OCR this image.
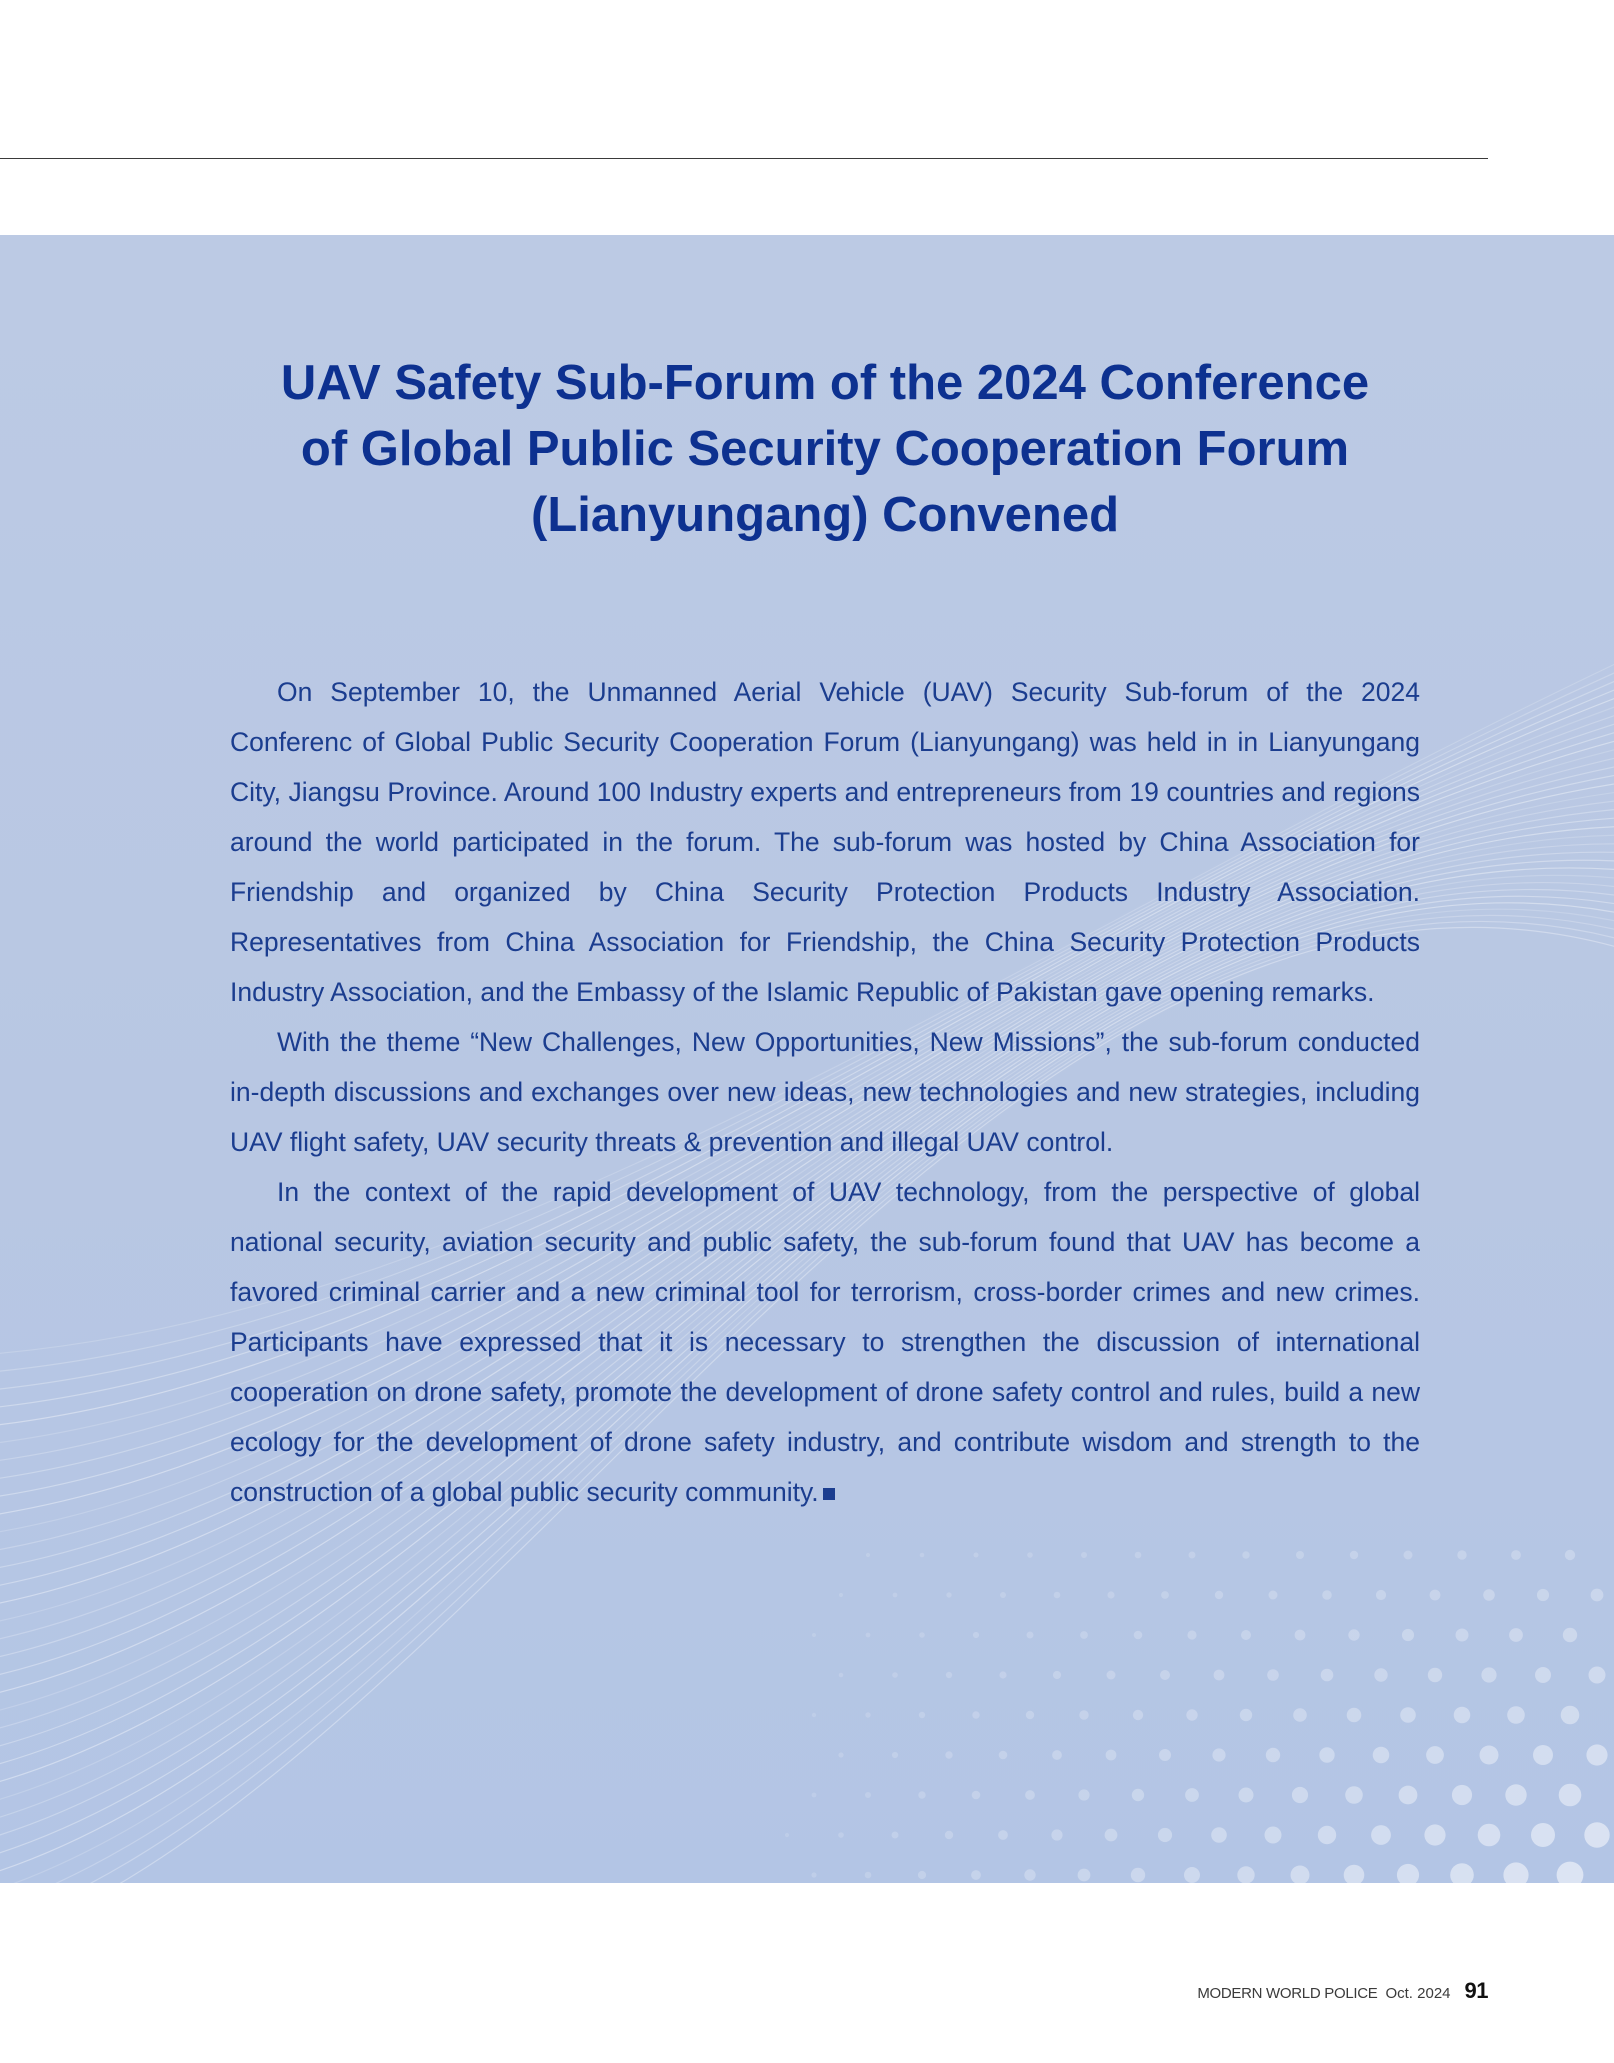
UAV Safety Sub-Forum of the 2024 Conference
of Global Public Security Cooperation Forum
(Lianyungang) Convened

On September 10, the Unmanned Aerial Vehicle (UAV) Security Sub-forum of the 2024 Conferenc of Global Public Security Cooperation Forum (Lianyungang) was held in in Lianyungang City, Jiangsu Province. Around 100 Industry experts and entrepreneurs from 19 countries and regions around the world participated in the forum. The sub-forum was hosted by China Association for Friendship and organized by China Security Protection Products Industry Association. Representatives from China Association for Friendship, the China Security Protection Products Industry Association, and the Embassy of the Islamic Republic of Pakistan gave opening remarks.

With the theme “New Challenges, New Opportunities, New Missions”, the sub-forum conducted in-depth discussions and exchanges over new ideas, new technologies and new strategies, including UAV flight safety, UAV security threats & prevention and illegal UAV control.

In the context of the rapid development of UAV technology, from the perspective of global national security, aviation security and public safety, the sub-forum found that UAV has become a favored criminal carrier and a new criminal tool for terrorism, cross-border crimes and new crimes. Participants have expressed that it is necessary to strengthen the discussion of international cooperation on drone safety, promote the development of drone safety control and rules, build a new ecology for the development of drone safety industry, and contribute wisdom and strength to the construction of a global public security community.

MODERN WORLD POLICE Oct. 2024 91
